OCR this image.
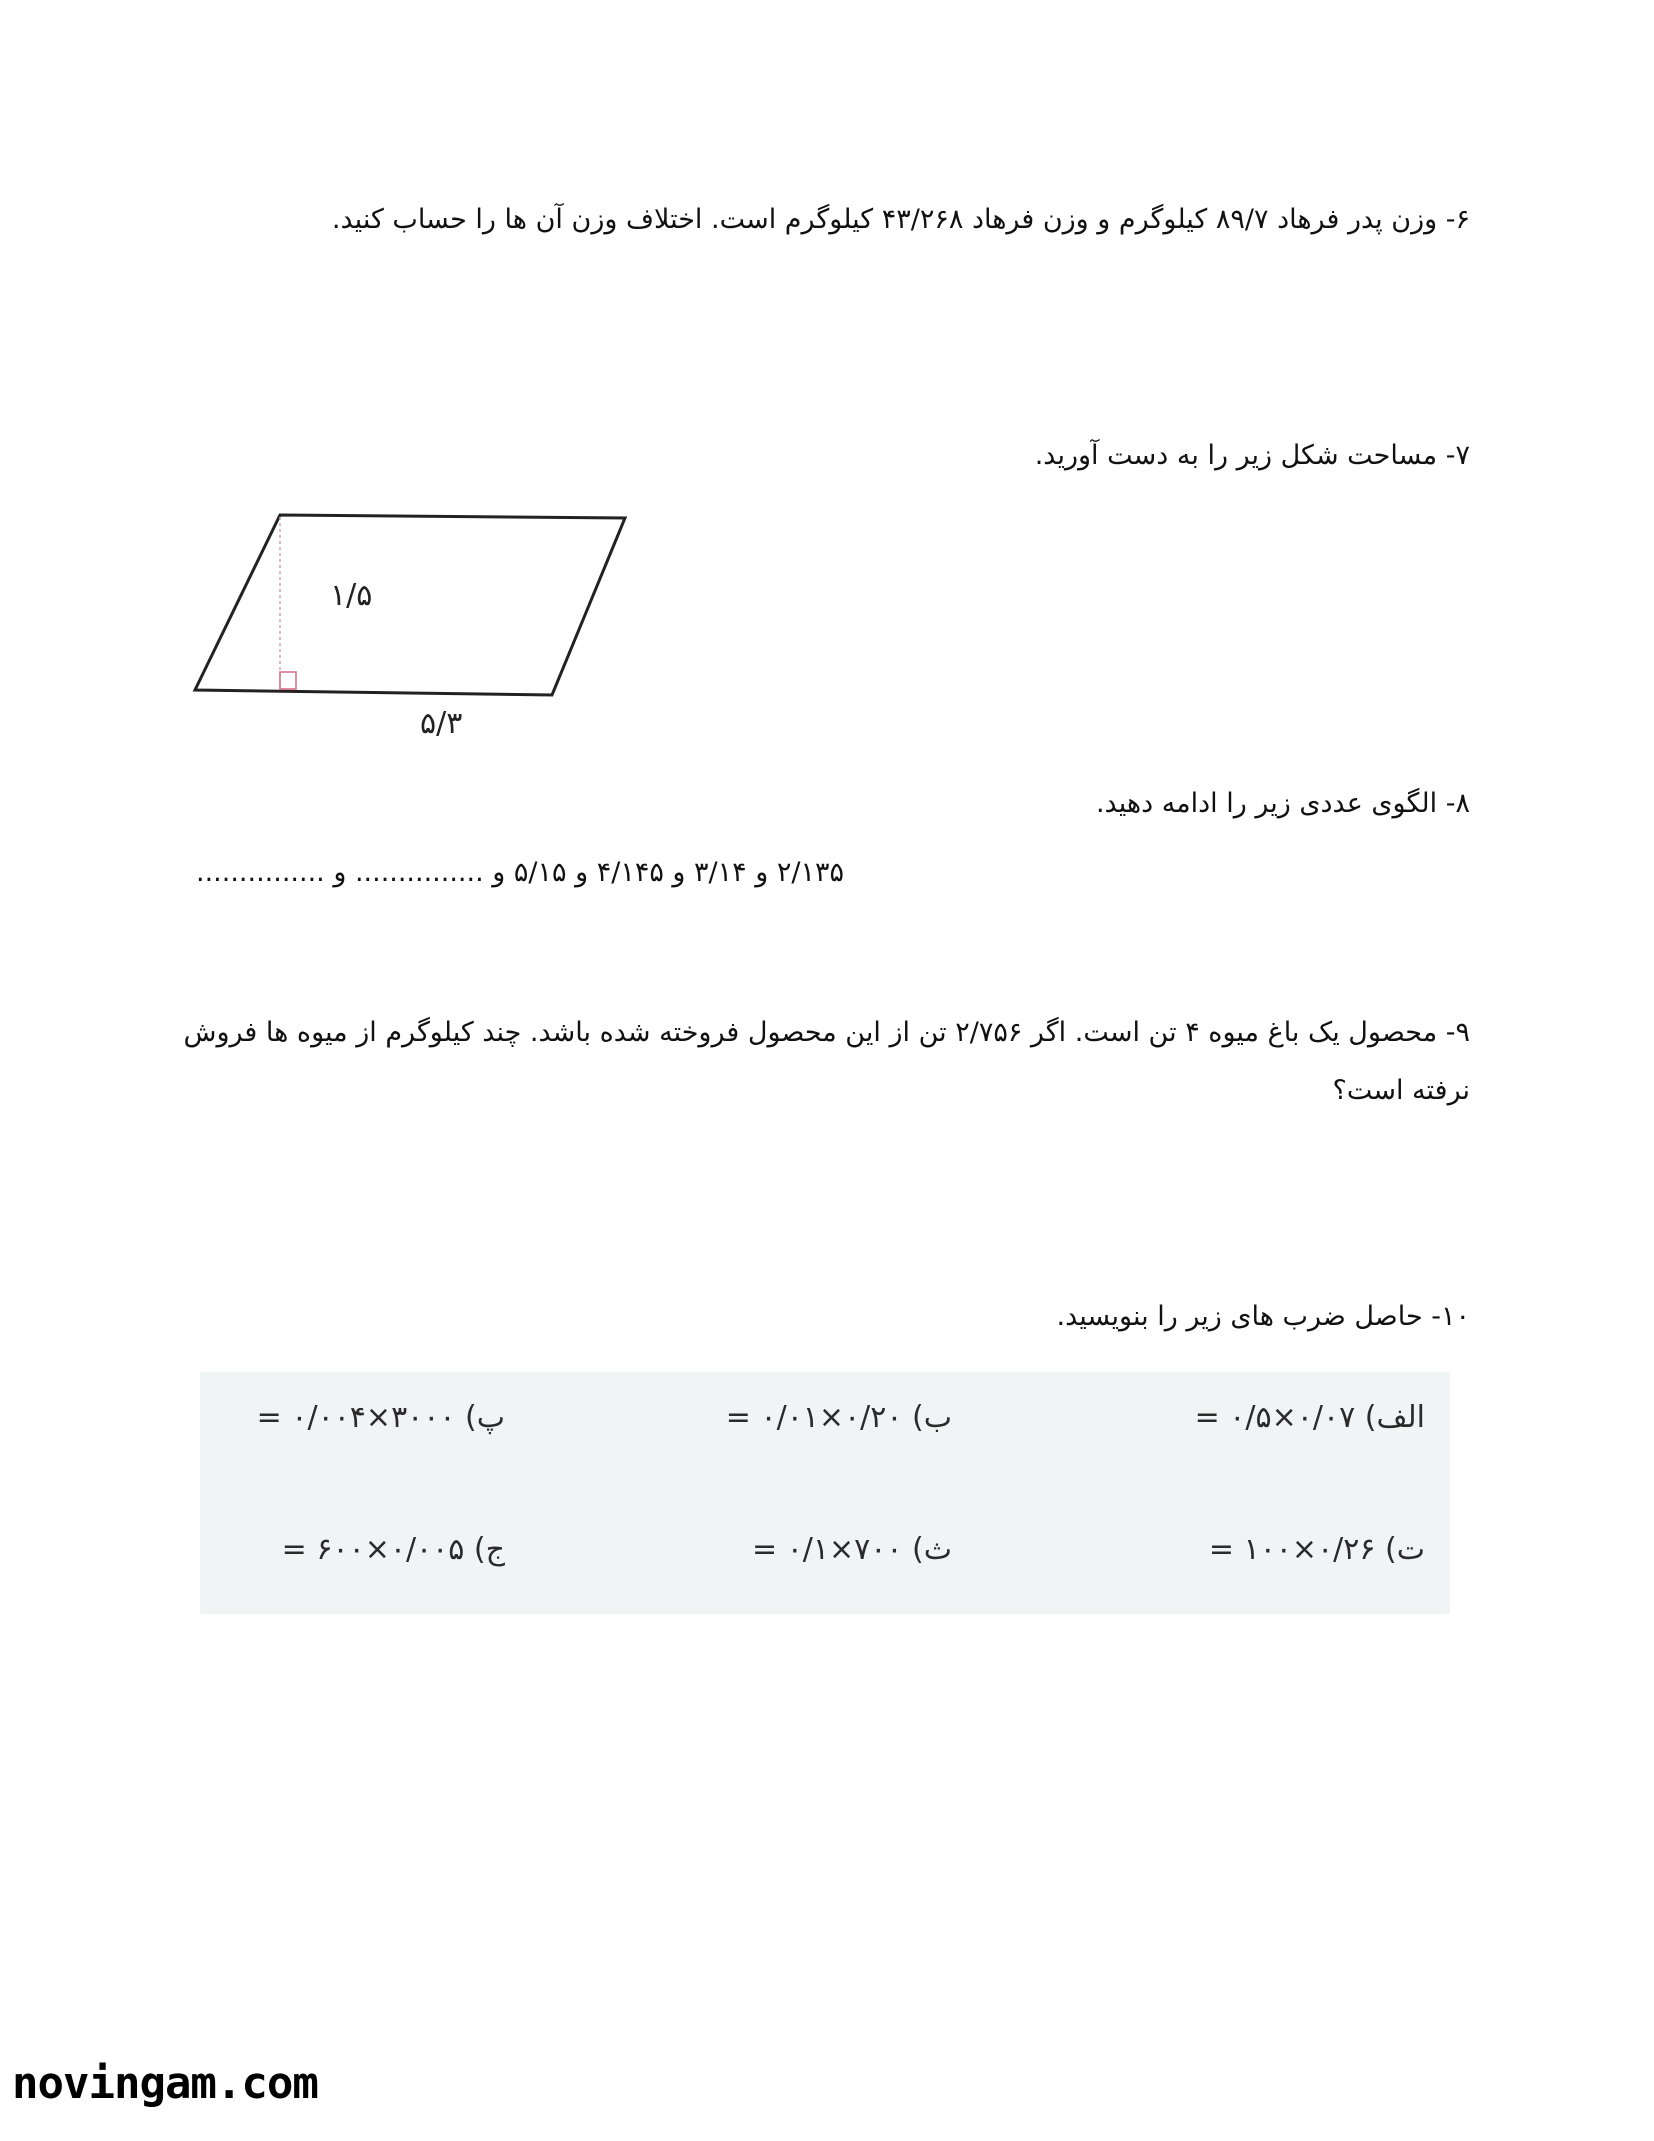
۶- وزن پدر فرهاد ۸۹/۷ کیلوگرم و وزن فرهاد ۴۳/۲۶۸ کیلوگرم است. اختلاف وزن آن ها را حساب کنید.
۷- مساحت شکل زیر را به دست آورید.
۱/۵
۵/۳
۸- الگوی عددی زیر را ادامه دهید.
۲/۱۳۵ و ۳/۱۴ و ۴/۱۴۵ و ۵/۱۵ و ............... و ...............
۹- محصول یک باغ میوه ۴ تن است. اگر ۲/۷۵۶ تن از این محصول فروخته شده باشد. چند کیلوگرم از میوه ها فروش نرفته است؟
۱۰- حاصل ضرب های زیر را بنویسید.
الف) ۰/۰۷×۰/۵ =
ب) ۰/۲۰×۰/۰۱ =
پ) ۳۰۰۰×۰/۰۰۴ =
ت) ۰/۲۶×۱۰۰ =
ث) ۷۰۰×۰/۱ =
ج) ۰/۰۰۵×۶۰۰ =
novingam.com
